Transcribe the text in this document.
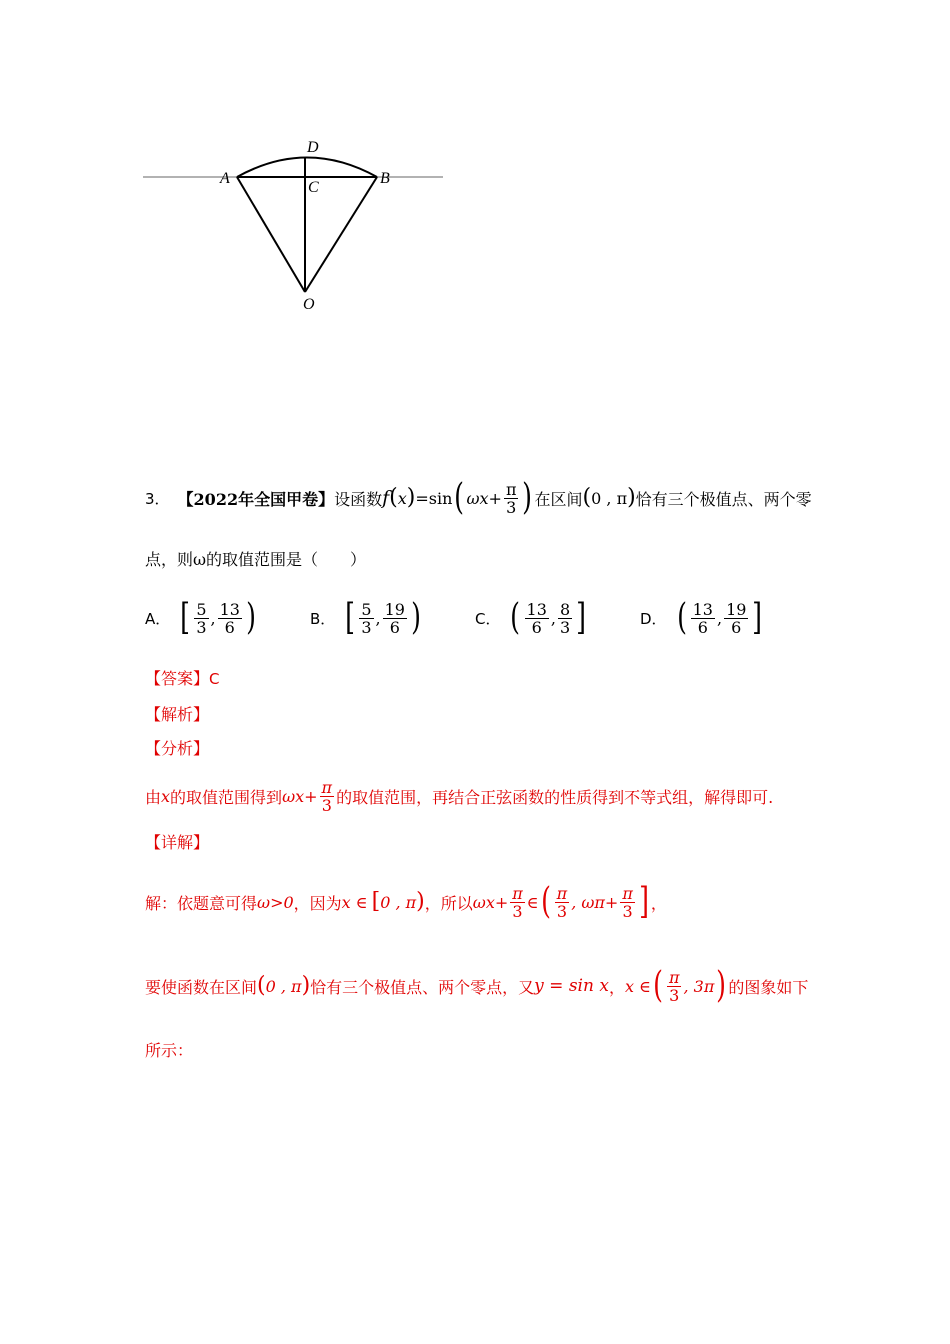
A	B
C
D
O
3． 【2022年全国甲卷】 设函数 f ( x ) =sin ( $\omega x+ \frac{\pi}{3}$ ) 在区间 ( 0 , π ) 恰有三个极值点、两个零
点，则ω的取值范围是（　　）
A． [ $\frac{5}{3}$ , $\frac{13}{6}$ )	B． [ $\frac{5}{3}$ , $\frac{19}{6}$ )	C． ( $\frac{13}{6}$ , $\frac{8}{3}$ ]	D． ( $\frac{13}{6}$ , $\frac{19}{6}$ ]
【答案】C
【解析】
【分析】
由 x 的取值范围得到 $\omega x+ \frac{\pi}{3}$ 的取值范围，再结合正弦函数的性质得到不等式组，解得即可.
【详解】
解：依题意可得 ω>0 ，因为 x ∈ [ 0 , π ) ，所以 $\omega x+ \frac{\pi}{3}$ ∈ ( $\frac{\pi}{3}$ , $\omega\pi+ \frac{\pi}{3}$ ] ，
要使函数在区间 ( 0 , π ) 恰有三个极值点、两个零点，又 y = sin x ， x ∈ ( $\frac{\pi}{3}$ , 3π ) 的图象如下
所示：
